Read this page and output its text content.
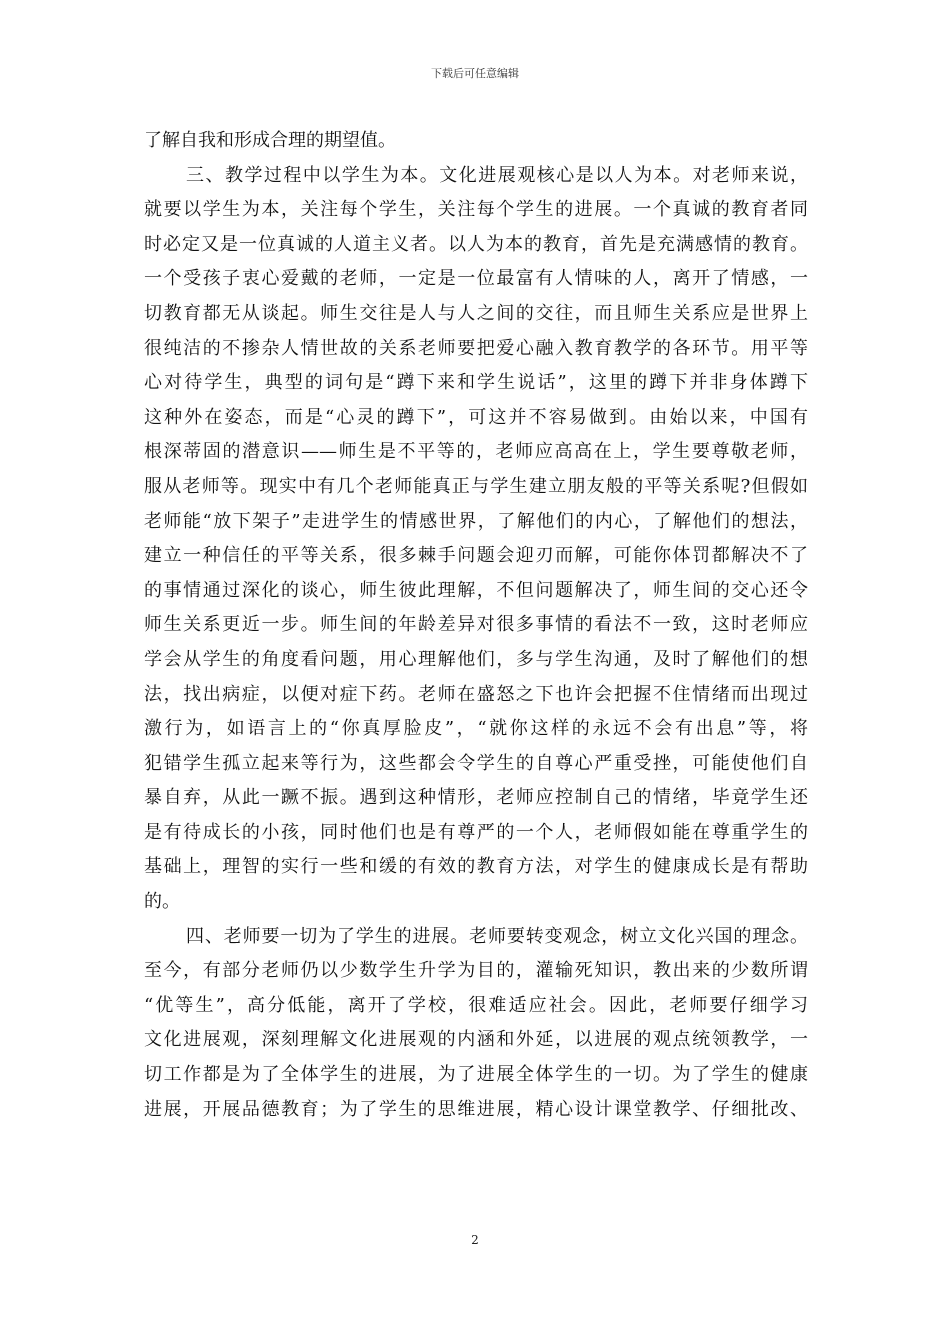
下载后可任意编辑
了解自我和形成合理的期望值。
三、教学过程中以学生为本。文化进展观核心是以人为本。对老师来说，
就要以学生为本，关注每个学生，关注每个学生的进展。一个真诚的教育者同
时必定又是一位真诚的人道主义者。以人为本的教育，首先是充满感情的教育。
一个受孩子衷心爱戴的老师，一定是一位最富有人情味的人，离开了情感，一
切教育都无从谈起。师生交往是人与人之间的交往，而且师生关系应是世界上
很纯洁的不掺杂人情世故的关系老师要把爱心融入教育教学的各环节。用平等
心对待学生，典型的词句是“蹲下来和学生说话”，这里的蹲下并非身体蹲下
这种外在姿态，而是“心灵的蹲下”，可这并不容易做到。由始以来，中国有
根深蒂固的潜意识——师生是不平等的，老师应高高在上，学生要尊敬老师，
服从老师等。现实中有几个老师能真正与学生建立朋友般的平等关系呢?但假如
老师能“放下架子”走进学生的情感世界，了解他们的内心，了解他们的想法，
建立一种信任的平等关系，很多棘手问题会迎刃而解，可能你体罚都解决不了
的事情通过深化的谈心，师生彼此理解，不但问题解决了，师生间的交心还令
师生关系更近一步。师生间的年龄差异对很多事情的看法不一致，这时老师应
学会从学生的角度看问题，用心理解他们，多与学生沟通，及时了解他们的想
法，找出病症，以便对症下药。老师在盛怒之下也许会把握不住情绪而出现过
激行为，如语言上的“你真厚脸皮”，“就你这样的永远不会有出息”等，将
犯错学生孤立起来等行为，这些都会令学生的自尊心严重受挫，可能使他们自
暴自弃，从此一蹶不振。遇到这种情形，老师应控制自己的情绪，毕竟学生还
是有待成长的小孩，同时他们也是有尊严的一个人，老师假如能在尊重学生的
基础上，理智的实行一些和缓的有效的教育方法，对学生的健康成长是有帮助
的。
四、老师要一切为了学生的进展。老师要转变观念，树立文化兴国的理念。
至今，有部分老师仍以少数学生升学为目的，灌输死知识，教出来的少数所谓
“优等生”，高分低能，离开了学校，很难适应社会。因此，老师要仔细学习
文化进展观，深刻理解文化进展观的内涵和外延，以进展的观点统领教学，一
切工作都是为了全体学生的进展，为了进展全体学生的一切。为了学生的健康
进展，开展品德教育；为了学生的思维进展，精心设计课堂教学、仔细批改、
2
